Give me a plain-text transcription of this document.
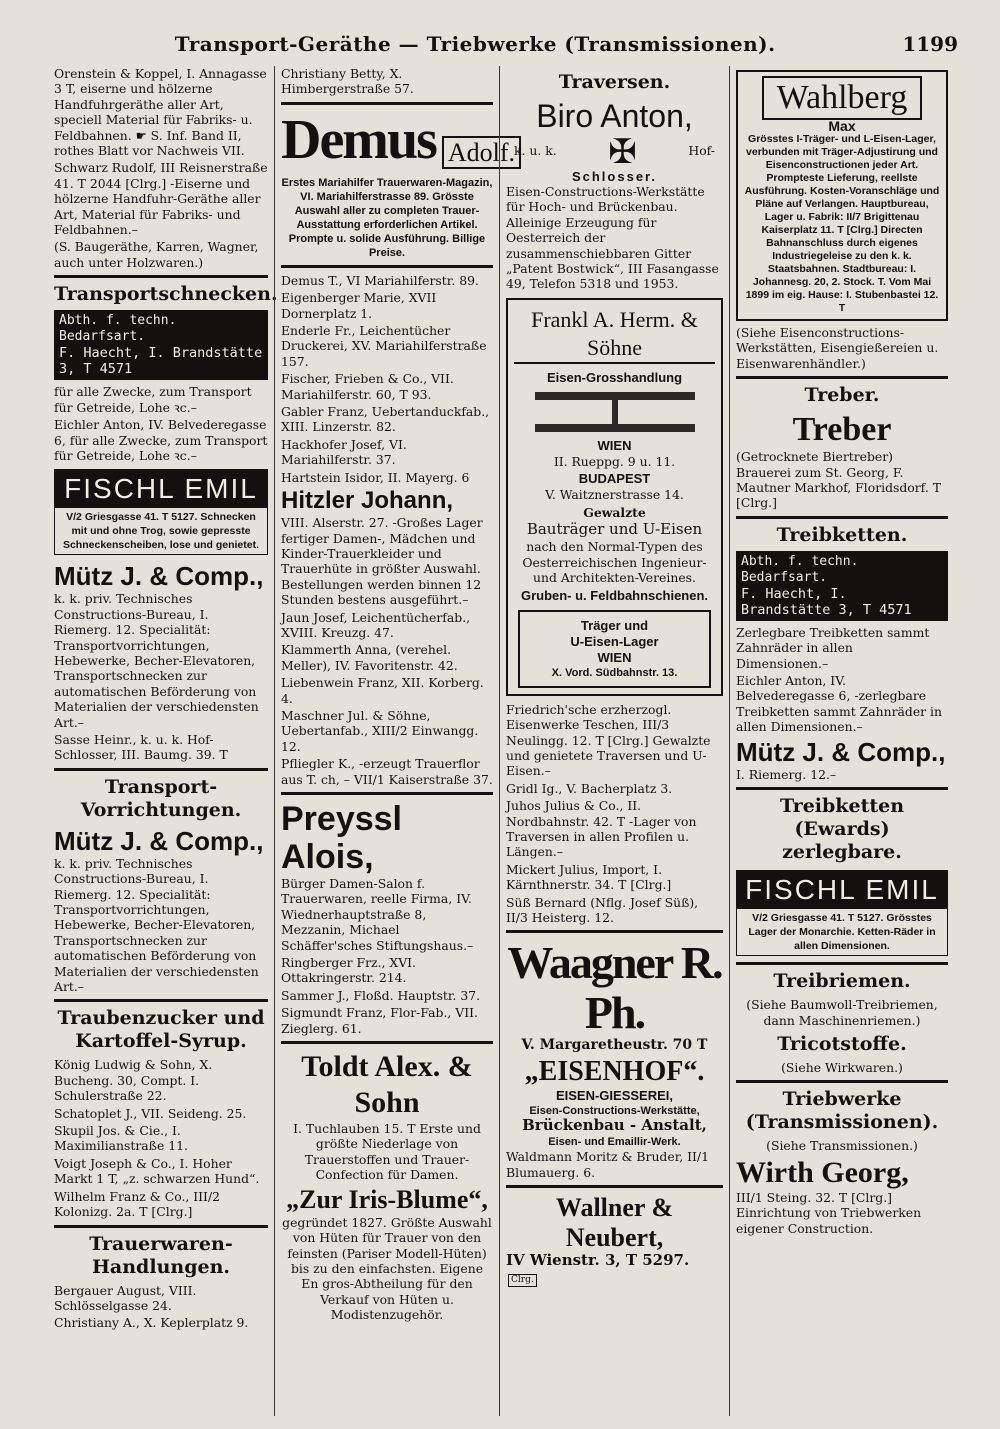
Transport-Geräthe — Triebwerke (Transmissionen).	1199

Orenstein & Koppel, I. Annagasse 3 T, eiserne und hölzerne Handfuhrgeräthe aller Art, speciell Material für Fabriks- u. Feldbahnen. ☛ S. Inf. Band II, rothes Blatt vor Nachweis VII.

Schwarz Rudolf, III Reisnerstraße 41. T 2044 [Clrg.] -Eiserne und hölzerne Handfuhr-Geräthe aller Art, Material für Fabriks- und Feldbahnen.–

(S. Baugeräthe, Karren, Wagner, auch unter Holzwaren.)

Transportschnecken.
Abth. f. techn. Bedarfsart.
F. Haecht, I. Brandstätte 3, T 4571

für alle Zwecke, zum Transport für Getreide, Lohe ꝛc.–

Eichler Anton, IV. Belvederegasse 6, für alle Zwecke, zum Transport für Getreide, Lohe ꝛc.–

FISCHL EMIL
V/2 Griesgasse 41. T 5127. Schnecken mit und ohne Trog, sowie gepresste Schneckenscheiben, lose und genietet.
Mütz J. & Comp.,

k. k. priv. Technisches Constructions-Bureau, I. Riemerg. 12. Specialität: Transportvorrichtungen, Hebewerke, Becher-Elevatoren, Transportschnecken zur automatischen Beförderung von Materialien der verschiedensten Art.–

Sasse Heinr., k. u. k. Hof-Schlosser, III. Baumg. 39. T

Transport-Vorrichtungen.
Mütz J. & Comp.,

k. k. priv. Technisches Constructions-Bureau, I. Riemerg. 12. Specialität: Transportvorrichtungen, Hebewerke, Becher-Elevatoren, Transportschnecken zur automatischen Beförderung von Materialien der verschiedensten Art.–

Traubenzucker und Kartoffel-Syrup.

König Ludwig & Sohn, X. Bucheng. 30, Compt. I. Schulerstraße 22.

Schatoplet J., VII. Seideng. 25.

Skupil Jos. & Cie., I. Maximilianstraße 11.

Voigt Joseph & Co., I. Hoher Markt 1 T, „z. schwarzen Hund“.

Wilhelm Franz & Co., III/2 Kolonizg. 2a. T [Clrg.]

Trauerwaren-Handlungen.

Bergauer August, VIII. Schlösselgasse 24.

Christiany A., X. Keplerplatz 9.

Christiany Betty, X. Himbergerstraße 57.

Demus Adolf.
Erstes Mariahilfer Trauerwaren-Magazin, VI. Mariahilferstrasse 89. Grösste Auswahl aller zu completen Trauer-Ausstattung erforderlichen Artikel. Prompte u. solide Ausführung. Billige Preise.

Demus T., VI Mariahilferstr. 89.

Eigenberger Marie, XVII Dornerplatz 1.

Enderle Fr., Leichentücher Druckerei, XV. Mariahilferstraße 157.

Fischer, Frieben & Co., VII. Mariahilferstr. 60, T 93.

Gabler Franz, Uebertanduckfab., XIII. Linzerstr. 82.

Hackhofer Josef, VI. Mariahilferstr. 37.

Hartstein Isidor, II. Mayerg. 6

Hitzler Johann,

VIII. Alserstr. 27. -Großes Lager fertiger Damen-, Mädchen und Kinder-Trauerkleider und Trauerhüte in größter Auswahl. Bestellungen werden binnen 12 Stunden bestens ausgeführt.–

Jaun Josef, Leichentücherfab., XVIII. Kreuzg. 47.

Klammerth Anna, (verehel. Meller), IV. Favoritenstr. 42.

Liebenwein Franz, XII. Korberg. 4.

Maschner Jul. & Söhne, Uebertanfab., XIII/2 Einwangg. 12.

Pfliegler K., -erzeugt Trauerflor aus T. ch, – VII/1 Kaiserstraße 37.

Preyssl Alois,

Bürger Damen-Salon f. Trauerwaren, reelle Firma, IV. Wiednerhauptstraße 8, Mezzanin, Michael Schäffer'sches Stiftungshaus.–

Ringberger Frz., XVI. Ottakringerstr. 214.

Sammer J., Floßd. Hauptstr. 37.

Sigmundt Franz, Flor-Fab., VII. Zieglerg. 61.

Toldt Alex. & Sohn

I. Tuchlauben 15. T Erste und größte Niederlage von Trauerstoffen und Trauer-Confection für Damen.

„Zur Iris-Blume“,

gegründet 1827. Größte Auswahl von Hüten für Trauer von den feinsten (Pariser Modell-Hüten) bis zu den einfachsten. Eigene En gros-Abtheilung für den Verkauf von Hüten u. Modistenzugehör.

Traversen.
Biro Anton,
k. u. k. ✠	Hof-
Schlosser.

Eisen-Constructions-Werkstätte für Hoch- und Brückenbau. Alleinige Erzeugung für Oesterreich der zusammenschiebbaren Gitter „Patent Bostwick“, III Fasangasse 49, Telefon 5318 und 1953.

Frankl A. Herm. & Söhne
Eisen-Grosshandlung
WIEN
II. Rueppg. 9 u. 11.
BUDAPEST
V. Waitznerstrasse 14.
Gewalzte
Bauträger und U-Eisen
nach den Normal-Typen des Oesterreichischen Ingenieur- und Architekten-Vereines.
Gruben- u. Feldbahnschienen.
Träger und
U-Eisen-Lager
WIEN
X. Vord. Südbahnstr. 13.

Friedrich'sche erzherzogl. Eisenwerke Teschen, III/3 Neulingg. 12. T [Clrg.] Gewalzte und genietete Traversen und U-Eisen.–

Gridl Ig., V. Bacherplatz 3.

Juhos Julius & Co., II. Nordbahnstr. 42. T -Lager von Traversen in allen Profilen u. Längen.–

Mickert Julius, Import, I. Kärnthnerstr. 34. T [Clrg.]

Süß Bernard (Nflg. Josef Süß), II/3 Heisterg. 12.

Waagner R. Ph.
V. Margaretheustr. 70 T
„EISENHOF“.
EISEN-GIESSEREI,
Eisen-Constructions-Werkstätte,
Brückenbau - Anstalt,
Eisen- und Emaillir-Werk.

Waldmann Moritz & Bruder, II/1 Blumauerg. 6.

Wallner & Neubert,
IV Wienstr. 3, T 5297.
Clrg.
Wahlberg
Max
Grösstes I-Träger- und L-Eisen-Lager, verbunden mit Träger-Adjustirung und Eisenconstructionen jeder Art. Prompteste Lieferung, reellste Ausführung. Kosten-Voranschläge und Pläne auf Verlangen. Hauptbureau, Lager u. Fabrik: II/7 Brigittenau Kaiserplatz 11. T [Clrg.] Directen Bahnanschluss durch eigenes Industriegeleise zu den k. k. Staatsbahnen. Stadtbureau: I. Johannesg. 20, 2. Stock. T. Vom Mai 1899 im eig. Hause: I. Stubenbastei 12. T

(Siehe Eisenconstructions-Werkstätten, Eisengießereien u. Eisenwarenhändler.)

Treber.
Treber

(Getrocknete Biertreber) Brauerei zum St. Georg, F. Mautner Markhof, Floridsdorf. T [Clrg.]

Treibketten.
Abth. f. techn. Bedarfsart.
F. Haecht, I. Brandstätte 3, T 4571

Zerlegbare Treibketten sammt Zahnräder in allen Dimensionen.–

Eichler Anton, IV. Belvederegasse 6, -zerlegbare Treibketten sammt Zahnräder in allen Dimensionen.–

Mütz J. & Comp.,

I. Riemerg. 12.–

Treibketten (Ewards) zerlegbare.
FISCHL EMIL
V/2 Griesgasse 41. T 5127. Grösstes Lager der Monarchie. Ketten-Räder in allen Dimensionen.
Treibriemen.

(Siehe Baumwoll-Treibriemen, dann Maschinenriemen.)

Tricotstoffe.

(Siehe Wirkwaren.)

Triebwerke (Transmissionen).

(Siehe Transmissionen.)

Wirth Georg,

III/1 Steing. 32. T [Clrg.] Einrichtung von Triebwerken eigener Construction.
